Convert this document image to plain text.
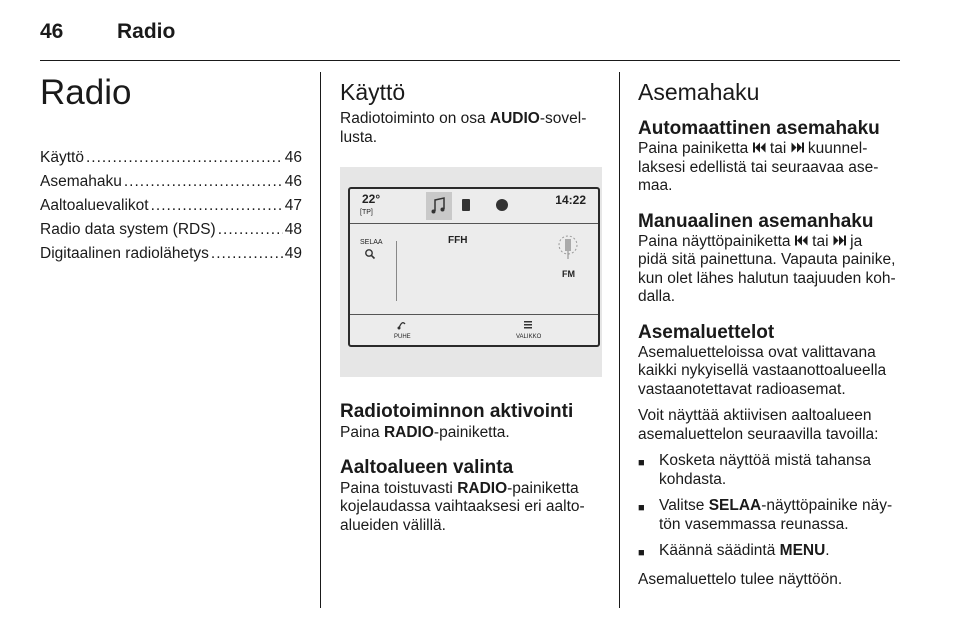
46	Radio
Radio
Käyttö .....	46
Asemahaku .....	46
Aaltoaluevalikot .....	47
Radio data system (RDS) .....	48
Digitaalinen radiolähetys .....	49
Käyttö

Radiotoiminto on osa AUDIO-sovel-
lusta.

22°
[TP]
14:22
SELAA	FFH
FM
PUHE	VALIKKO
Radiotoiminnon aktivointi

Paina RADIO-painiketta.

Aaltoalueen valinta

Paina toistuvasti RADIO-painiketta
kojelaudassa vaihtaaksesi eri aalto-
alueiden välillä.

Asemahaku
Automaattinen asemahaku

Paina painiketta  tai  kuunnel-
laksesi edellistä tai seuraavaa ase-
maa.

Manuaalinen asemanhaku

Paina näyttöpainiketta  tai  ja
pidä sitä painettuna. Vapauta painike,
kun olet lähes halutun taajuuden koh-
dalla.

Asemaluettelot

Asemaluetteloissa ovat valittavana
kaikki nykyisellä vastaanottoalueella
vastaanotettavat radioasemat.

Voit näyttää aktiivisen aaltoalueen
asemaluettelon seuraavilla tavoilla:

■ Kosketa näyttöä mistä tahansa
kohdasta.
■ Valitse SELAA-näyttöpainike näy-
tön vasemmassa reunassa.
■ Käännä säädintä MENU.

Asemaluettelo tulee näyttöön.
